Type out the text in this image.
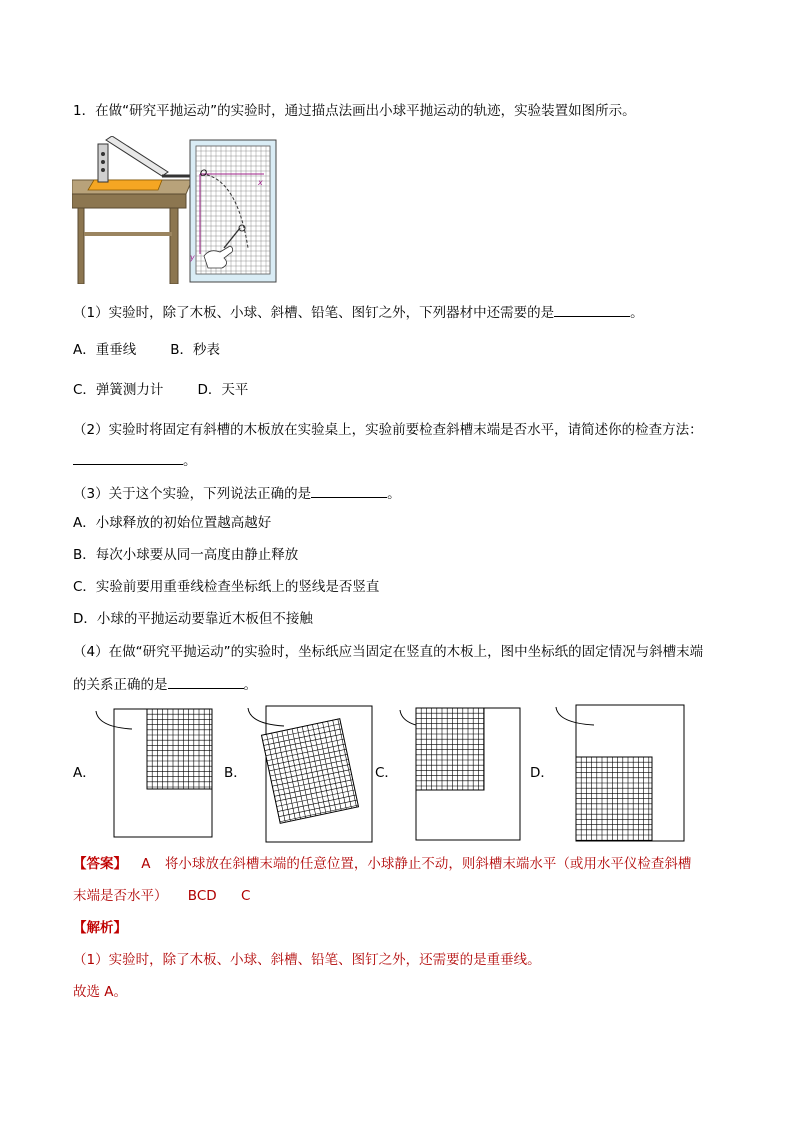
1．在做“研究平抛运动”的实验时，通过描点法画出小球平抛运动的轨迹，实验装置如图所示。
O
x
y
（1）实验时，除了木板、小球、斜槽、铅笔、图钉之外，下列器材中还需要的是	。
A．重垂线	B．秒表
C．弹簧测力计	D．天平
（2）实验时将固定有斜槽的木板放在实验桌上，实验前要检查斜槽末端是否水平，请简述你的检查方法：
。
（3）关于这个实验，下列说法正确的是	。
A．小球释放的初始位置越高越好
B．每次小球要从同一高度由静止释放
C．实验前要用重垂线检查坐标纸上的竖线是否竖直
D．小球的平抛运动要靠近木板但不接触
（4）在做“研究平抛运动”的实验时，坐标纸应当固定在竖直的木板上，图中坐标纸的固定情况与斜槽末端
的关系正确的是	。
A．	B．	C．	D．
【答案】 A 将小球放在斜槽末端的任意位置，小球静止不动，则斜槽末端水平（或用水平仪检查斜槽
末端是否水平） BCD C
【解析】
（1）实验时，除了木板、小球、斜槽、铅笔、图钉之外，还需要的是重垂线。
故选 A。
